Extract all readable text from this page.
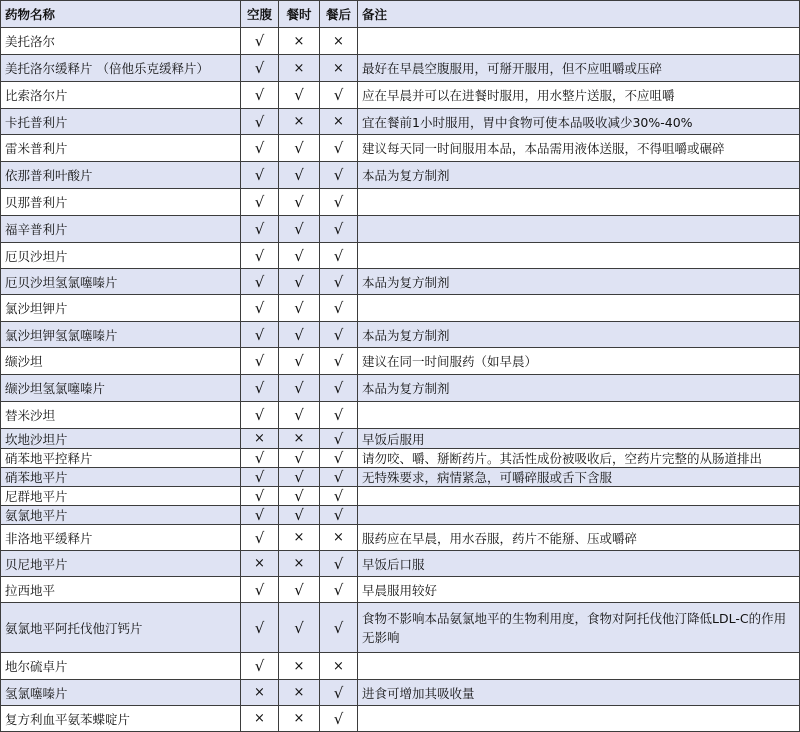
药物名称	空腹	餐时	餐后	备注
美托洛尔	√	×	×	
美托洛尔缓释片 （倍他乐克缓释片）	√	×	×	最好在早晨空腹服用，可掰开服用，但不应咀嚼或压碎
比索洛尔片	√	√	√	应在早晨并可以在进餐时服用，用水整片送服，不应咀嚼
卡托普利片	√	×	×	宜在餐前1小时服用，胃中食物可使本品吸收减少30%-40%
雷米普利片	√	√	√	建议每天同一时间服用本品，本品需用液体送服，不得咀嚼或碾碎
依那普利叶酸片	√	√	√	本品为复方制剂
贝那普利片	√	√	√	
福辛普利片	√	√	√	
厄贝沙坦片	√	√	√	
厄贝沙坦氢氯噻嗪片	√	√	√	本品为复方制剂
氯沙坦钾片	√	√	√	
氯沙坦钾氢氯噻嗪片	√	√	√	本品为复方制剂
缬沙坦	√	√	√	建议在同一时间服药（如早晨）
缬沙坦氢氯噻嗪片	√	√	√	本品为复方制剂
替米沙坦	√	√	√	
坎地沙坦片	×	×	√	早饭后服用
硝苯地平控释片	√	√	√	请勿咬、嚼、掰断药片。其活性成份被吸收后，空药片完整的从肠道排出
硝苯地平片	√	√	√	无特殊要求，病情紧急，可嚼碎服或舌下含服
尼群地平片	√	√	√	
氨氯地平片	√	√	√	
非洛地平缓释片	√	×	×	服药应在早晨，用水吞服，药片不能掰、压或嚼碎
贝尼地平片	×	×	√	早饭后口服
拉西地平	√	√	√	早晨服用较好
氨氯地平阿托伐他汀钙片	√	√	√	食物不影响本品氨氯地平的生物利用度，食物对阿托伐他汀降低LDL-C的作用无影响
地尔硫卓片	√	×	×	
氢氯噻嗪片	×	×	√	进食可增加其吸收量
复方利血平氨苯蝶啶片	×	×	√	
